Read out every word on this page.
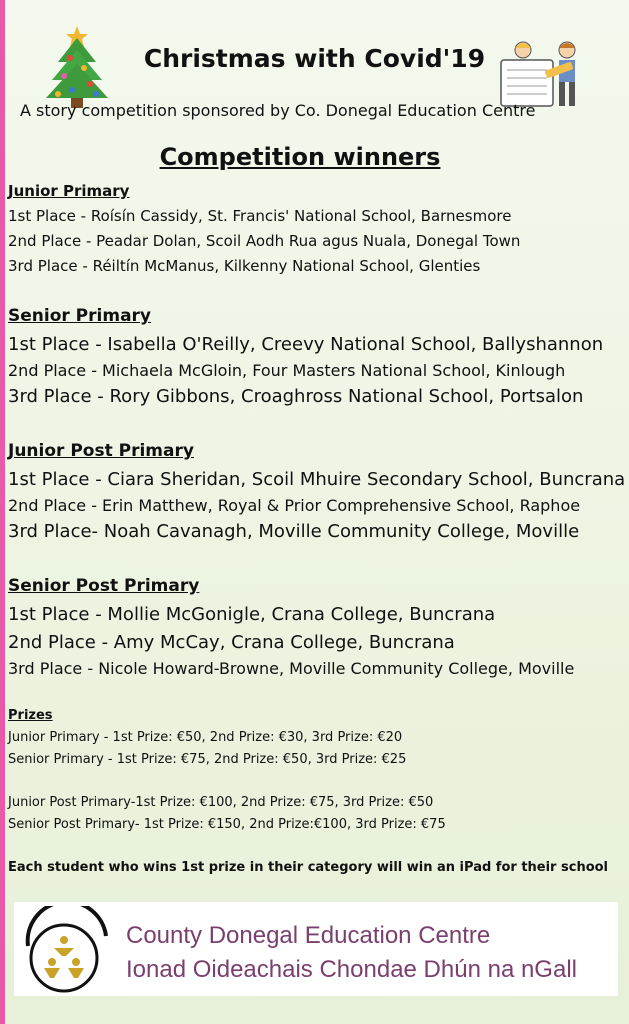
Christmas with Covid'19
A story competition sponsored by Co. Donegal Education Centre
Competition winners
Junior Primary
1st Place - Roísín Cassidy, St. Francis' National School, Barnesmore
2nd Place - Peadar Dolan, Scoil Aodh Rua agus Nuala, Donegal Town
3rd Place - Réiltín McManus, Kilkenny National School, Glenties
Senior Primary
1st Place - Isabella O'Reilly, Creevy National School, Ballyshannon
2nd Place - Michaela McGloin, Four Masters National School, Kinlough
3rd Place - Rory Gibbons, Croaghross National School, Portsalon
Junior Post Primary
1st Place - Ciara Sheridan, Scoil Mhuire Secondary School, Buncrana
2nd Place - Erin Matthew, Royal & Prior Comprehensive School, Raphoe
3rd Place- Noah Cavanagh, Moville Community College, Moville
Senior Post Primary
1st Place - Mollie McGonigle, Crana College, Buncrana
2nd Place - Amy McCay, Crana College, Buncrana
3rd Place - Nicole Howard-Browne, Moville Community College, Moville
Prizes
Junior Primary - 1st Prize: €50, 2nd Prize: €30, 3rd Prize: €20
Senior Primary - 1st Prize: €75, 2nd Prize: €50, 3rd Prize: €25
Junior Post Primary-1st Prize: €100, 2nd Prize: €75, 3rd Prize: €50
Senior Post Primary- 1st Prize: €150, 2nd Prize:€100, 3rd Prize: €75
Each student who wins 1st prize in their category will win an iPad for their school
County Donegal Education Centre
Ionad Oideachais Chondae Dhún na nGall
